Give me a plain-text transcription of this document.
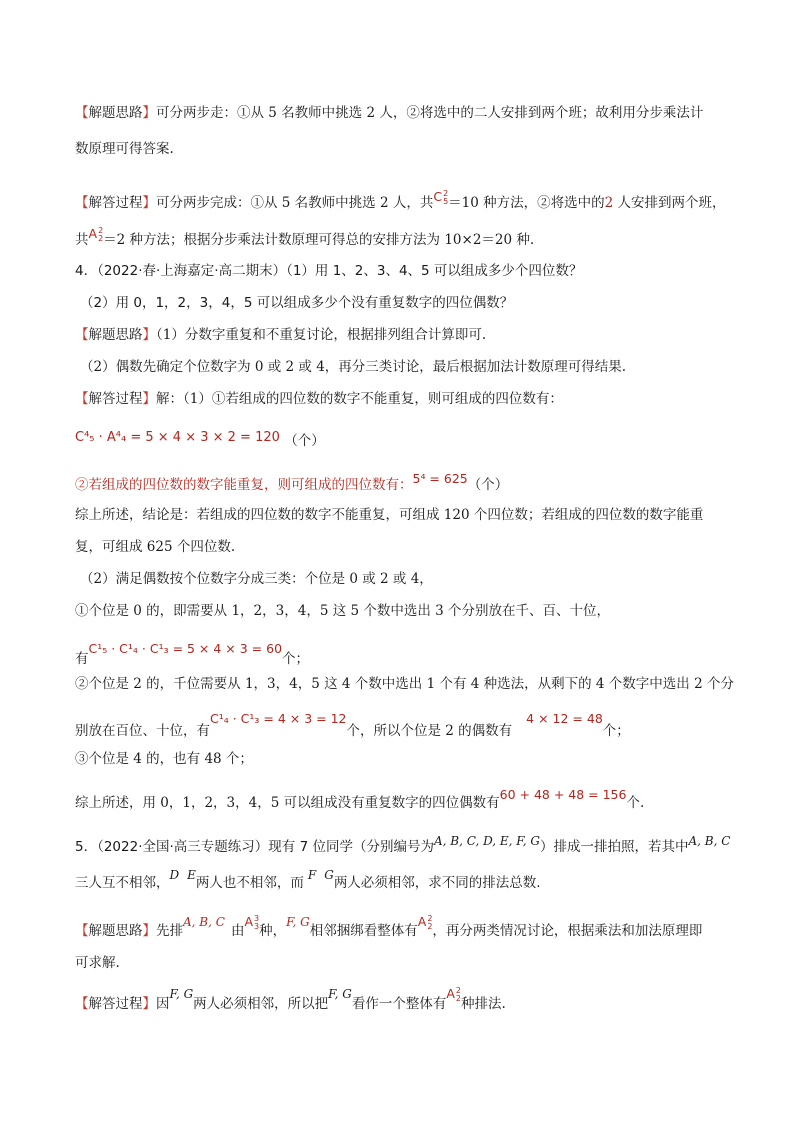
【解题思路】可分两步走：①从 5 名教师中挑选 2 人，②将选中的二人安排到两个班；故利用分步乘法计
数原理可得答案.
【解答过程】可分两步完成：①从 5 名教师中挑选 2 人，共C2
5＝10 种方法，②将选中的2 人安排到两个班，
共A2
2＝2 种方法；根据分步乘法计数原理可得总的安排方法为 10×2＝20 种.
4．（2022·春·上海嘉定·高二期末）（1）用 1、2、3、4、5 可以组成多少个四位数？
（2）用 0，1，2，3，4，5 可以组成多少个没有重复数字的四位偶数？
【解题思路】（1）分数字重复和不重复讨论，根据排列组合计算即可.
（2）偶数先确定个位数字为 0 或 2 或 4，再分三类讨论，最后根据加法计数原理可得结果.
【解答过程】解：（1）①若组成的四位数的数字不能重复，则可组成的四位数有：
C⁴₅ · A⁴₄ = 5 × 4 × 3 × 2 = 120 （个）
②若组成的四位数的数字能重复，则可组成的四位数有：5⁴ = 625（个）
综上所述，结论是：若组成的四位数的数字不能重复，可组成 120 个四位数；若组成的四位数的数字能重
复，可组成 625 个四位数.
（2）满足偶数按个位数字分成三类：个位是 0 或 2 或 4，
①个位是 0 的，即需要从 1，2，3，4，5 这 5 个数中选出 3 个分别放在千、百、十位，
有C¹₅ · C¹₄ · C¹₃ = 5 × 4 × 3 = 60个；
②个位是 2 的，千位需要从 1，3，4，5 这 4 个数中选出 1 个有 4 种选法，从剩下的 4 个数字中选出 2 个分
别放在百位、十位，有C¹₄ · C¹₃ = 4 × 3 = 12个，所以个位是 2 的偶数有4 × 12 = 48个；
③个位是 4 的，也有 48 个；
综上所述，用 0，1，2，3，4，5 可以组成没有重复数字的四位偶数有60 + 48 + 48 = 156个.
5．（2022·全国·高三专题练习）现有 7 位同学（分别编号为A, B, C, D, E, F, G）排成一排拍照，若其中A, B, C
三人互不相邻，D E两人也不相邻，而 F G两人必须相邻，求不同的排法总数.
【解题思路】先排A, B, C由A3
3种，F, G相邻捆绑看整体有A2
2，再分两类情况讨论，根据乘法和加法原理即
可求解.
【解答过程】因F, G两人必须相邻，所以把F, G看作一个整体有A2
2种排法.
